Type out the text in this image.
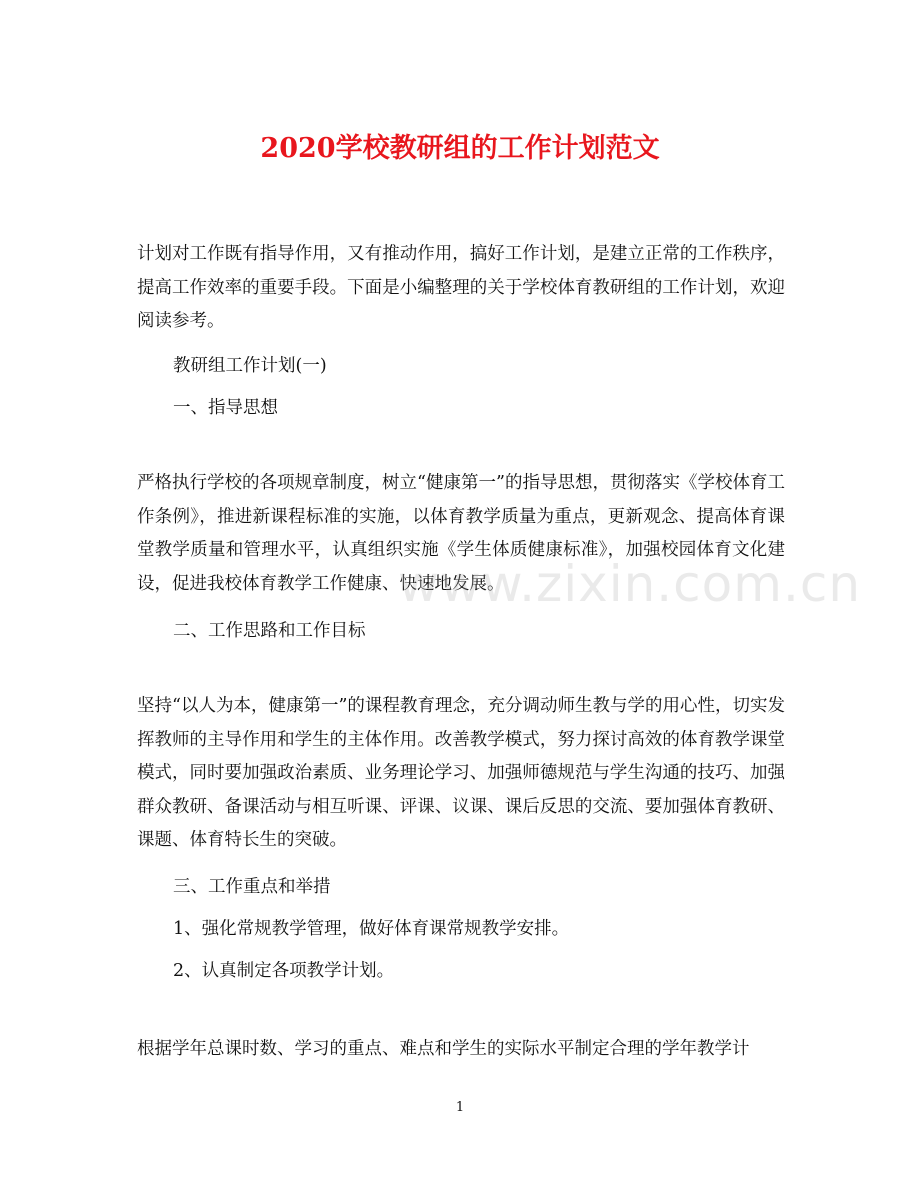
2020学校教研组的工作计划范文
计划对工作既有指导作用，又有推动作用，搞好工作计划，是建立正常的工作秩序，提高工作效率的重要手段。下面是小编整理的关于学校体育教研组的工作计划，欢迎阅读参考。
教研组工作计划(一)
一、指导思想
严格执行学校的各项规章制度，树立“健康第一”的指导思想，贯彻落实《学校体育工作条例》，推进新课程标准的实施，以体育教学质量为重点，更新观念、提高体育课堂教学质量和管理水平，认真组织实施《学生体质健康标准》，加强校园体育文化建设，促进我校体育教学工作健康、快速地发展。
二、工作思路和工作目标
坚持“以人为本，健康第一”的课程教育理念，充分调动师生教与学的用心性，切实发挥教师的主导作用和学生的主体作用。改善教学模式，努力探讨高效的体育教学课堂模式，同时要加强政治素质、业务理论学习、加强师德规范与学生沟通的技巧、加强群众教研、备课活动与相互听课、评课、议课、课后反思的交流、要加强体育教研、课题、体育特长生的突破。
三、工作重点和举措
1、强化常规教学管理，做好体育课常规教学安排。
2、认真制定各项教学计划。
根据学年总课时数、学习的重点、难点和学生的实际水平制定合理的学年教学计
www.zixin.com.cn
1
